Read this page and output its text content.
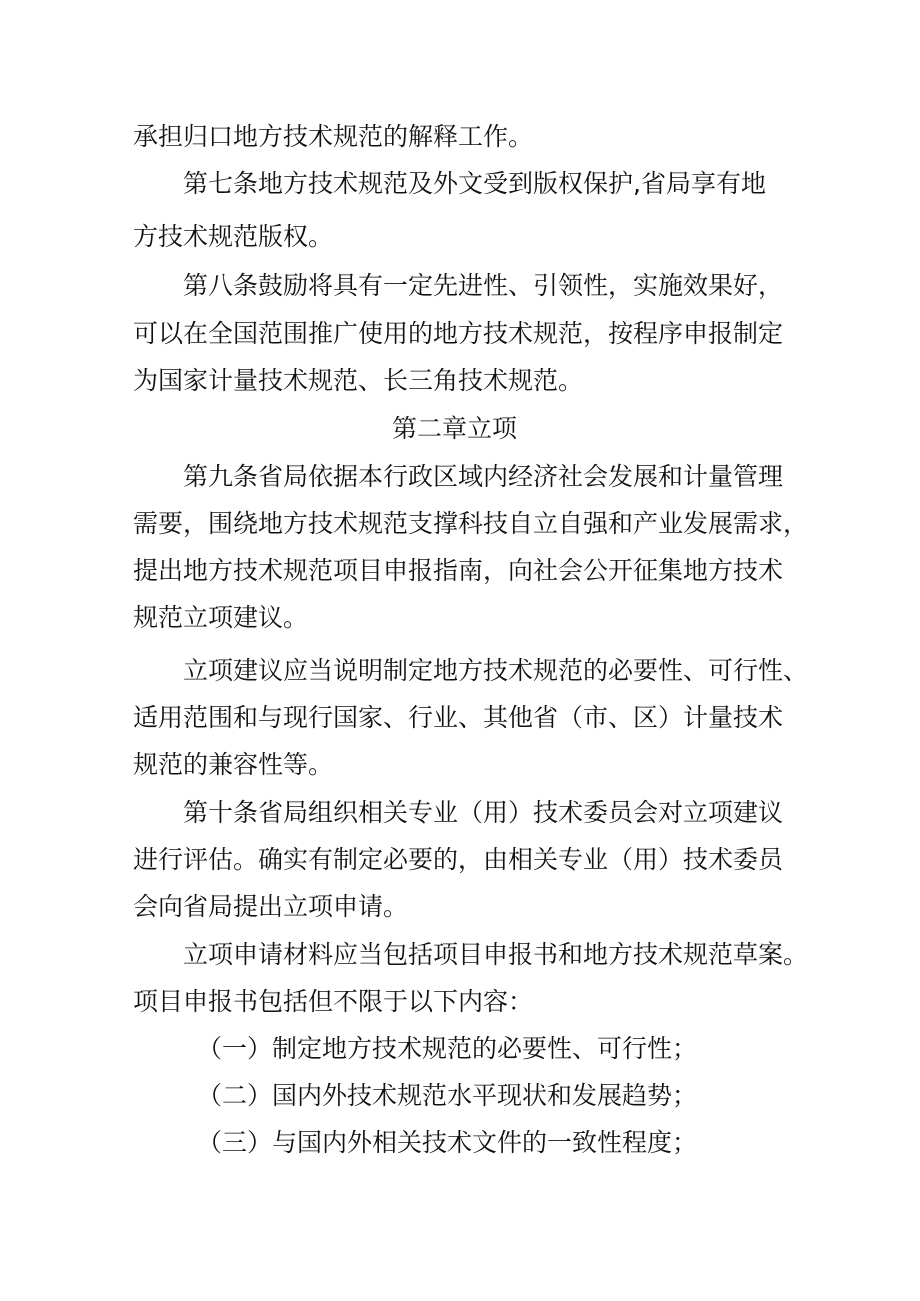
承担归口地方技术规范的解释工作。
第七条地方技术规范及外文受到版权保护,省局享有地
方技术规范版权。
第八条鼓励将具有一定先进性、引领性，实施效果好，
可以在全国范围推广使用的地方技术规范，按程序申报制定
为国家计量技术规范、长三角技术规范。
第二章立项
第九条省局依据本行政区域内经济社会发展和计量管理
需要，围绕地方技术规范支撑科技自立自强和产业发展需求，
提出地方技术规范项目申报指南，向社会公开征集地方技术
规范立项建议。
立项建议应当说明制定地方技术规范的必要性、可行性、
适用范围和与现行国家、行业、其他省（市、区）计量技术
规范的兼容性等。
第十条省局组织相关专业（用）技术委员会对立项建议
进行评估。确实有制定必要的，由相关专业（用）技术委员
会向省局提出立项申请。
立项申请材料应当包括项目申报书和地方技术规范草案。
项目申报书包括但不限于以下内容：
（一）制定地方技术规范的必要性、可行性；
（二）国内外技术规范水平现状和发展趋势；
（三）与国内外相关技术文件的一致性程度；
